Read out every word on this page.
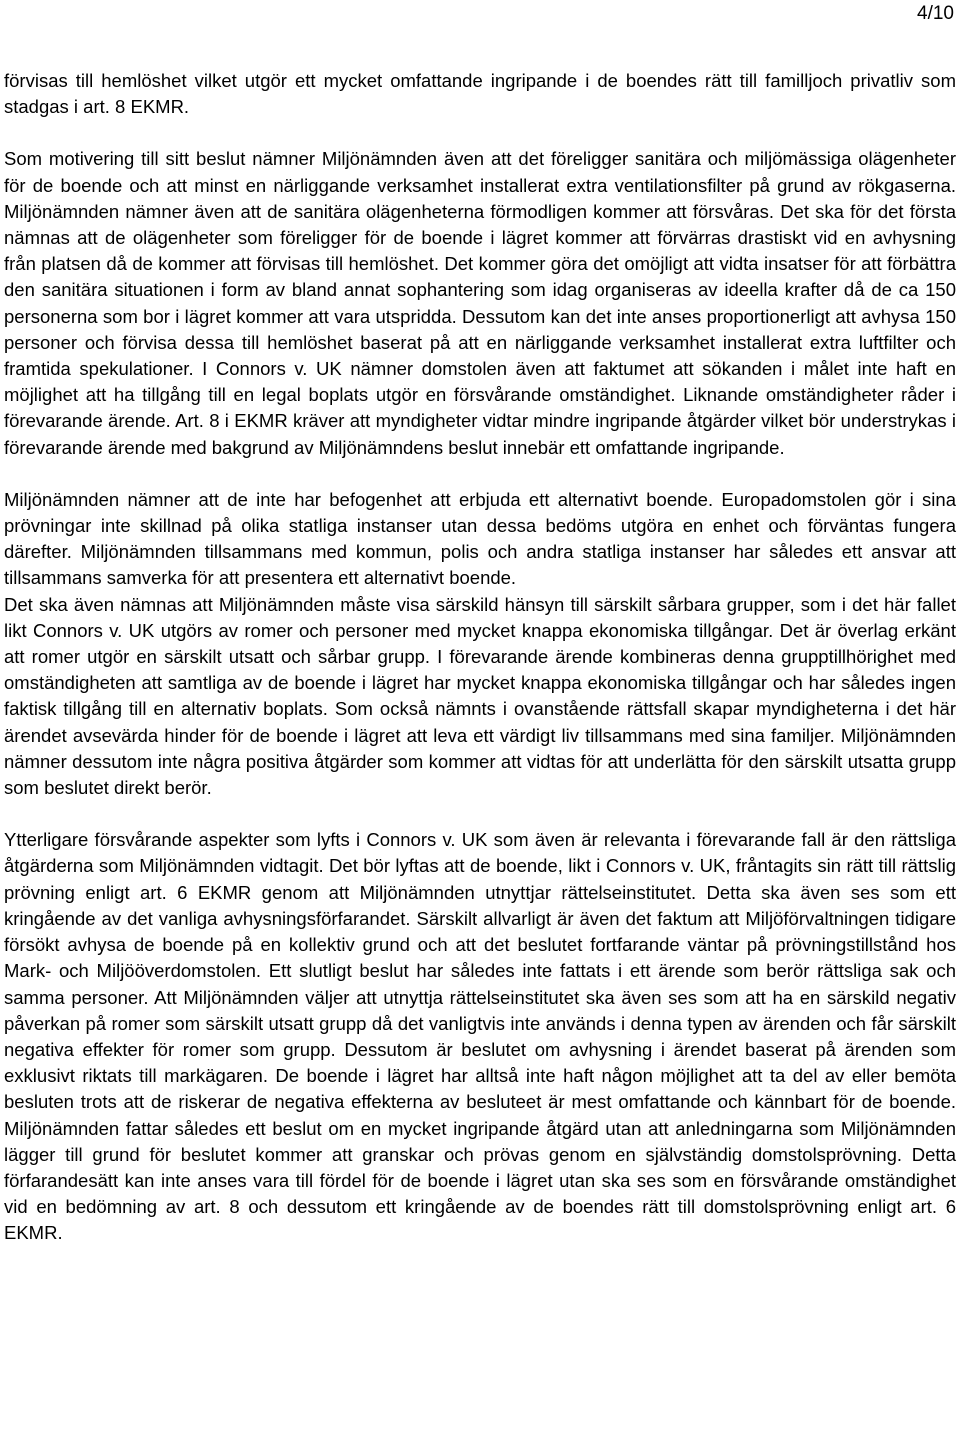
4/10

förvisas till hemlöshet vilket utgör ett mycket omfattande ingripande i de boendes rätt till familljoch privatliv som stadgas i art. 8 EKMR.

Som motivering till sitt beslut nämner Miljönämnden även att det föreligger sanitära och miljömässiga olägenheter för de boende och att minst en närliggande verksamhet installerat extra ventilationsfilter på grund av rökgaserna. Miljönämnden nämner även att de sanitära olägenheterna förmodligen kommer att försvåras. Det ska för det första nämnas att de olägenheter som föreligger för de boende i lägret kommer att förvärras drastiskt vid en avhysning från platsen då de kommer att förvisas till hemlöshet. Det kommer göra det omöjligt att vidta insatser för att förbättra den sanitära situationen i form av bland annat sophantering som idag organiseras av ideella krafter då de ca 150 personerna som bor i lägret kommer att vara utspridda. Dessutom kan det inte anses proportionerligt att avhysa 150 personer och förvisa dessa till hemlöshet baserat på att en närliggande verksamhet installerat extra luftfilter och framtida spekulationer. I Connors v. UK nämner domstolen även att faktumet att sökanden i målet inte haft en möjlighet att ha tillgång till en legal boplats utgör en försvårande omständighet. Liknande omständigheter råder i förevarande ärende. Art. 8 i EKMR kräver att myndigheter vidtar mindre ingripande åtgärder vilket bör understrykas i förevarande ärende med bakgrund av Miljönämndens beslut innebär ett omfattande ingripande.

Miljönämnden nämner att de inte har befogenhet att erbjuda ett alternativt boende. Europadomstolen gör i sina prövningar inte skillnad på olika statliga instanser utan dessa bedöms utgöra en enhet och förväntas fungera därefter. Miljönämnden tillsammans med kommun, polis och andra statliga instanser har således ett ansvar att tillsammans samverka för att presentera ett alternativt boende.

Det ska även nämnas att Miljönämnden måste visa särskild hänsyn till särskilt sårbara grupper, som i det här fallet likt Connors v. UK utgörs av romer och personer med mycket knappa ekonomiska tillgångar. Det är överlag erkänt att romer utgör en särskilt utsatt och sårbar grupp. I förevarande ärende kombineras denna grupptillhörighet med omständigheten att samtliga av de boende i lägret har mycket knappa ekonomiska tillgångar och har således ingen faktisk tillgång till en alternativ boplats. Som också nämnts i ovanstående rättsfall skapar myndigheterna i det här ärendet avsevärda hinder för de boende i lägret att leva ett värdigt liv tillsammans med sina familjer. Miljönämnden nämner dessutom inte några positiva åtgärder som kommer att vidtas för att underlätta för den särskilt utsatta grupp som beslutet direkt berör.

Ytterligare försvårande aspekter som lyfts i Connors v. UK som även är relevanta i förevarande fall är den rättsliga åtgärderna som Miljönämnden vidtagit. Det bör lyftas att de boende, likt i Connors v. UK, fråntagits sin rätt till rättslig prövning enligt art. 6 EKMR genom att Miljönämnden utnyttjar rättelseinstitutet. Detta ska även ses som ett kringående av det vanliga avhysningsförfarandet. Särskilt allvarligt är även det faktum att Miljöförvaltningen tidigare försökt avhysa de boende på en kollektiv grund och att det beslutet fortfarande väntar på prövningstillstånd hos Mark- och Miljööverdomstolen. Ett slutligt beslut har således inte fattats i ett ärende som berör rättsliga sak och samma personer. Att Miljönämnden väljer att utnyttja rättelseinstitutet ska även ses som att ha en särskild negativ påverkan på romer som särskilt utsatt grupp då det vanligtvis inte används i denna typen av ärenden och får särskilt negativa effekter för romer som grupp. Dessutom är beslutet om avhysning i ärendet baserat på ärenden som exklusivt riktats till markägaren. De boende i lägret har alltså inte haft någon möjlighet att ta del av eller bemöta besluten trots att de riskerar de negativa effekterna av besluteet är mest omfattande och kännbart för de boende. Miljönämnden fattar således ett beslut om en mycket ingripande åtgärd utan att anledningarna som Miljönämnden lägger till grund för beslutet kommer att granskar och prövas genom en självständig domstolsprövning. Detta förfarandesätt kan inte anses vara till fördel för de boende i lägret utan ska ses som en försvårande omständighet vid en bedömning av art. 8 och dessutom ett kringående av de boendes rätt till domstolsprövning enligt art. 6 EKMR.
